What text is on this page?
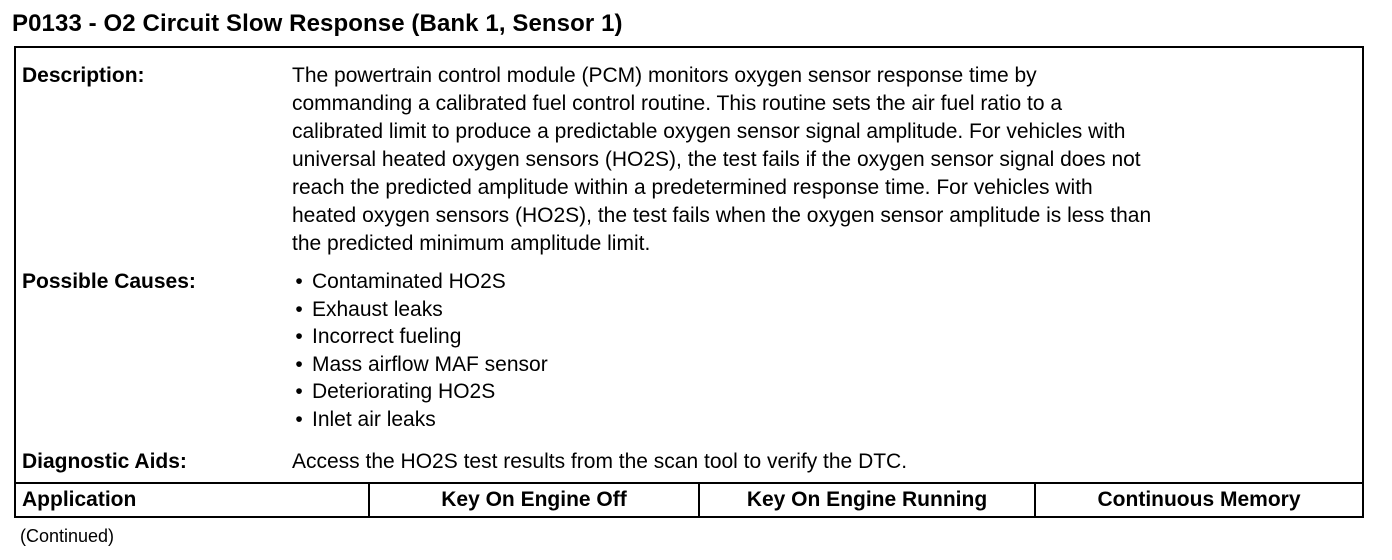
P0133 - O2 Circuit Slow Response (Bank 1, Sensor 1)
Description:	The powertrain control module (PCM) monitors oxygen sensor response time by
commanding a calibrated fuel control routine. This routine sets the air fuel ratio to a
calibrated limit to produce a predictable oxygen sensor signal amplitude. For vehicles with
universal heated oxygen sensors (HO2S), the test fails if the oxygen sensor signal does not
reach the predicted amplitude within a predetermined response time. For vehicles with
heated oxygen sensors (HO2S), the test fails when the oxygen sensor amplitude is less than
the predicted minimum amplitude limit.
Possible Causes:	• Contaminated HO2S
• Exhaust leaks
• Incorrect fueling
• Mass airflow MAF sensor
• Deteriorating HO2S
• Inlet air leaks
Diagnostic Aids:	Access the HO2S test results from the scan tool to verify the DTC.
Application	Key On Engine Off	Key On Engine Running	Continuous Memory
(Continued)
